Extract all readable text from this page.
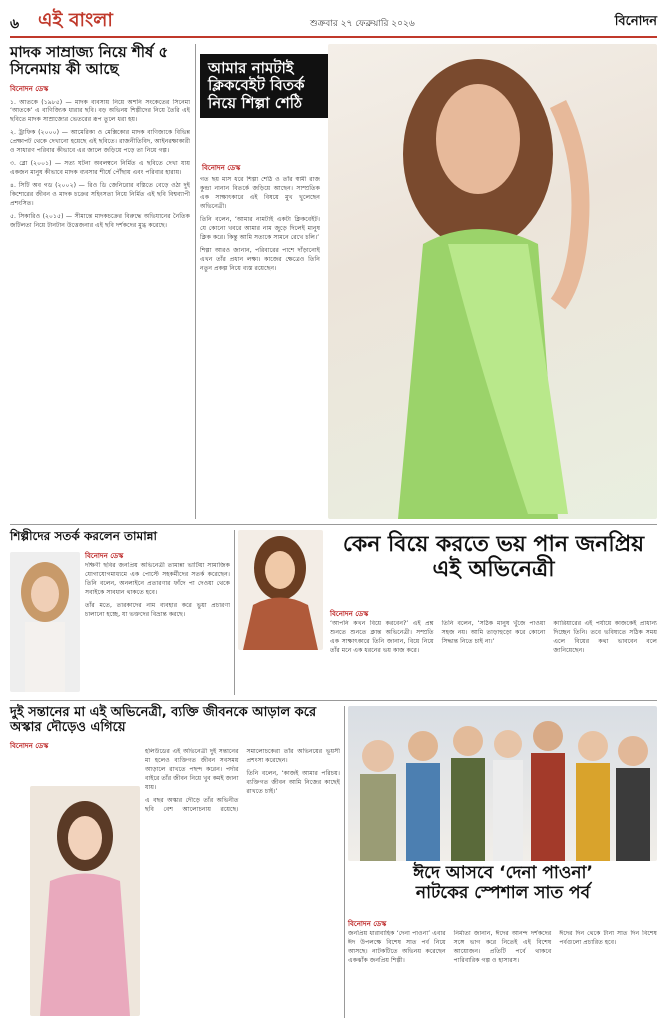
৬ এই বাংলা	শুক্রবার ২৭ ফেব্রুয়ারি ২০২৬	বিনোদন
মাদক সাম্রাজ্য নিয়ে শীর্ষ ৫ সিনেমায় কী আছে
বিনোদন ডেস্ক

১. আতকে (১৯৮৫) — মাদক ব্যবসায় নিয়ে অশনি সংকেতের সিনেমা ‘আতকে’ এ বাণিজ্যিক ধারার ছবি। বড় অভিনয় শিল্পীদের নিয়ে তৈরি এই ছবিতে মাদক সাম্রাজ্যের ভেতরের রূপ তুলে ধরা হয়।

২. ট্রাফিক (২০০০) — আমেরিকা ও মেক্সিকোর মাদক বাণিজ্যকে বিভিন্ন প্রেক্ষাপট থেকে দেখানো হয়েছে এই ছবিতে। রাজনীতিবিদ, আইনরক্ষাকারী ও সাধারণ পরিবার কীভাবে এর জালে জড়িয়ে পড়ে তা নিয়ে গল্প।

৩. ব্লো (২০০১) — সত্য ঘটনা অবলম্বনে নির্মিত এ ছবিতে দেখা যায় একজন মানুষ কীভাবে মাদক ব্যবসার শীর্ষে পৌঁছায় এবং পরিবার হারায়।

৪. সিটি অব গড (২০০২) — রিও ডি জেনিরোর বস্তিতে বেড়ে ওঠা দুই কিশোরের জীবন ও মাদক চক্রের সহিংসতা নিয়ে নির্মিত এই ছবি বিশ্বব্যাপী প্রশংসিত।

৫. সিকারিও (২০১৫) — সীমান্তে মাদকচক্রের বিরুদ্ধে অভিযানের নৈতিক জটিলতা নিয়ে টানটান উত্তেজনার এই ছবি দর্শকদের মুগ্ধ করেছে।

আমার নামটাই ক্লিকবেইট বিতর্ক নিয়ে শিল্পা শেঠি
বিনোদন ডেস্ক

গত ছয় মাস ধরে শিল্পা শেঠি ও তাঁর স্বামী রাজ কুন্দ্রা নানান বিতর্কে জড়িয়ে আছেন। সাম্প্রতিক এক সাক্ষাৎকারে এই বিষয়ে মুখ খুলেছেন অভিনেত্রী।

তিনি বলেন, ‘আমার নামটাই একটা ক্লিকবেইট। যে কোনো খবরে আমার নাম জুড়ে দিলেই মানুষ ক্লিক করে। কিন্তু আমি সত্যকে সামনে রেখে চলি।’

শিল্পা আরও জানান, পরিবারের পাশে দাঁড়ানোই এখন তাঁর প্রধান লক্ষ্য। কাজের ক্ষেত্রেও তিনি নতুন প্রকল্প নিয়ে ব্যস্ত রয়েছেন।

শিল্পীদের সতর্ক করলেন তামান্না
বিনোদন ডেস্ক

দক্ষিণী ছবির জনপ্রিয় অভিনেত্রী তামান্না ভাটিয়া সামাজিক যোগাযোগমাধ্যমে এক পোস্টে সহকর্মীদের সতর্ক করেছেন। তিনি বলেন, অনলাইনে প্রতারণার ফাঁদে পা দেওয়া থেকে সবাইকে সাবধান থাকতে হবে।

তাঁর মতে, তারকাদের নাম ব্যবহার করে ভুয়া প্রচারণা চালানো হচ্ছে, যা ভক্তদের বিভ্রান্ত করছে।

কেন বিয়ে করতে ভয় পান জনপ্রিয় এই অভিনেত্রী
বিনোদন ডেস্ক

‘আপনি কখন বিয়ে করবেন?’ এই প্রশ্ন শুনতে শুনতে ক্লান্ত অভিনেত্রী। সম্প্রতি এক সাক্ষাৎকারে তিনি জানান, বিয়ে নিয়ে তাঁর মনে এক ধরনের ভয় কাজ করে।

তিনি বলেন, ‘সঠিক মানুষ খুঁজে পাওয়া সহজ নয়। আমি তাড়াহুড়ো করে কোনো সিদ্ধান্ত নিতে চাই না।’

ক্যারিয়ারের এই পর্যায়ে কাজকেই প্রাধান্য দিচ্ছেন তিনি। তবে ভবিষ্যতে সঠিক সময় এলে বিয়ের কথা ভাববেন বলে জানিয়েছেন।

দুই সন্তানের মা এই অভিনেত্রী, ব্যক্তি জীবনকে আড়াল করে অস্কার দৌড়েও এগিয়ে
বিনোদন ডেস্ক

হলিউডের এই অভিনেত্রী দুই সন্তানের মা হলেও ব্যক্তিগত জীবন সবসময় আড়ালে রাখতে পছন্দ করেন। পর্দার বাইরে তাঁর জীবন নিয়ে খুব কমই জানা যায়।

এ বছর অস্কার দৌড়ে তাঁর অভিনীত ছবি বেশ আলোচনায় রয়েছে। সমালোচকেরা তাঁর অভিনয়ের ভূয়সী প্রশংসা করেছেন।

তিনি বলেন, ‘কাজই আমার পরিচয়। ব্যক্তিগত জীবন আমি নিজের কাছেই রাখতে চাই।’

ঈদে আসবে ‘দেনা পাওনা’ নাটকের স্পেশাল সাত পর্ব
বিনোদন ডেস্ক

জনপ্রিয় ধারাবাহিক ‘দেনা পাওনা’ এবার ঈদ উপলক্ষে বিশেষ সাত পর্ব নিয়ে আসছে। নাটকটিতে অভিনয় করেছেন একঝাঁক জনপ্রিয় শিল্পী।

নির্মাতা জানান, ঈদের আনন্দ দর্শকদের সঙ্গে ভাগ করে নিতেই এই বিশেষ আয়োজন। প্রতিটি পর্বে থাকবে পারিবারিক গল্প ও হাস্যরস।

ঈদের দিন থেকে টানা সাত দিন বিশেষ পর্বগুলো প্রচারিত হবে।
